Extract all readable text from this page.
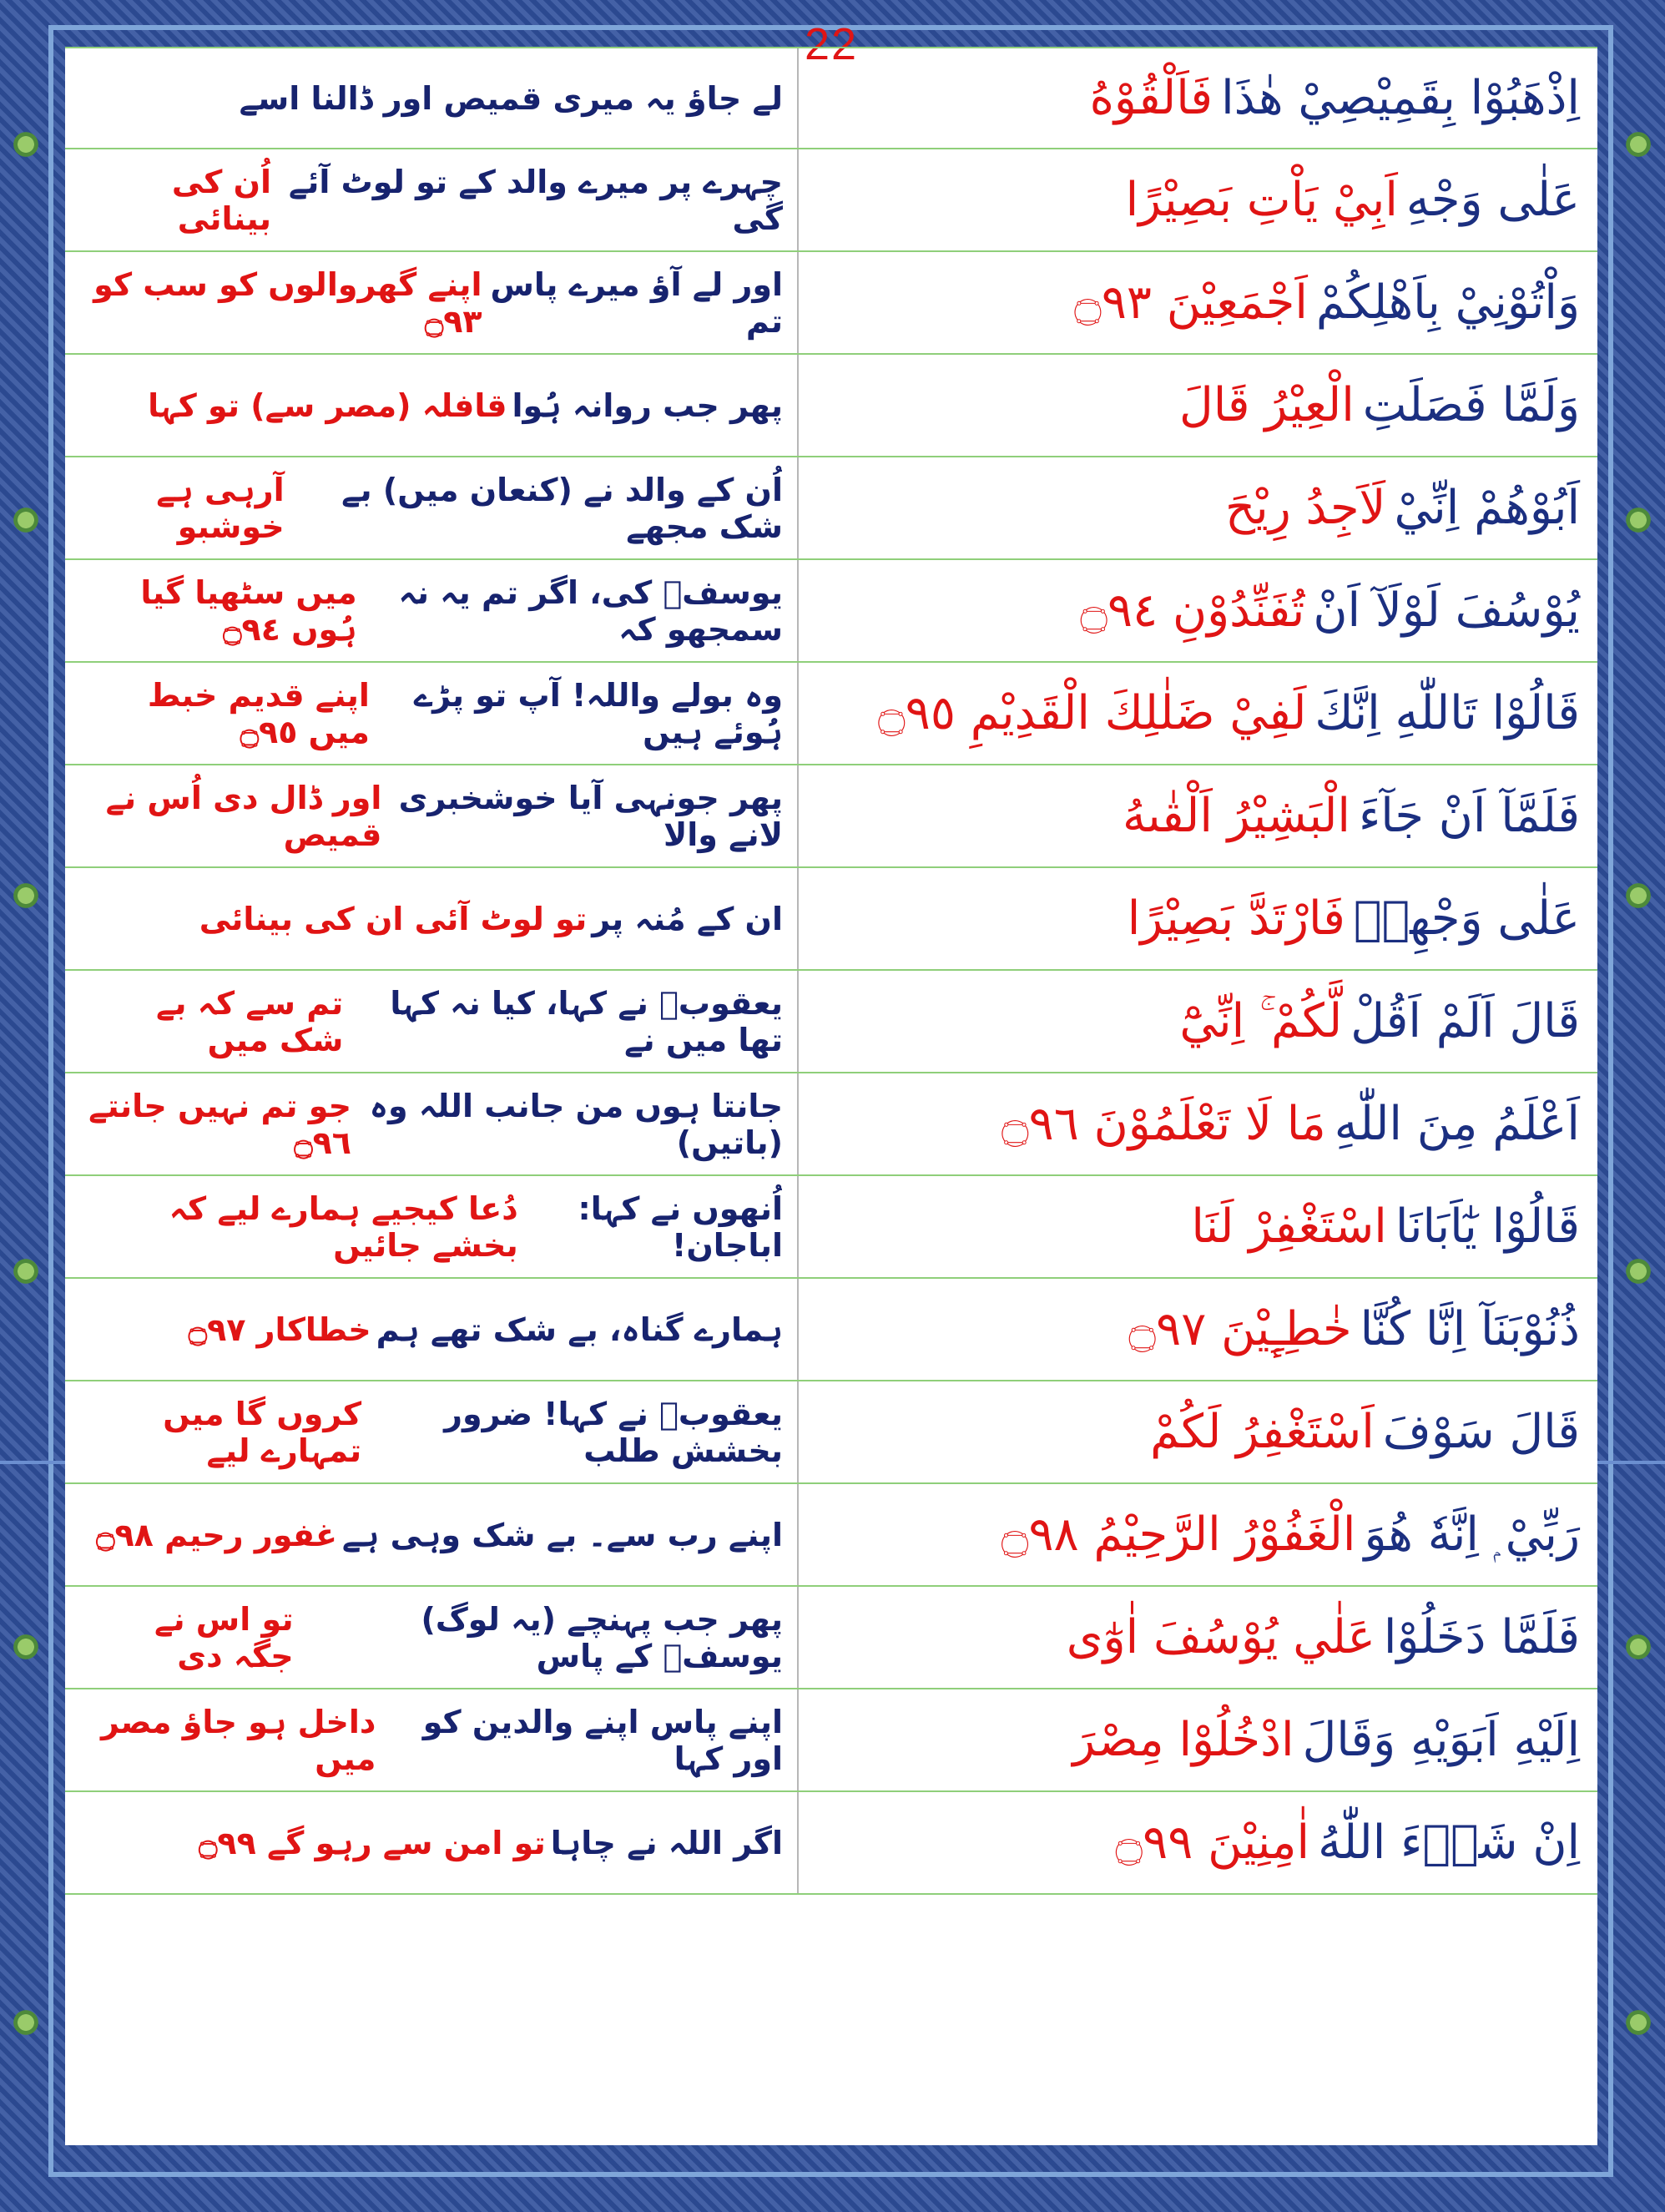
22
اِذْهَبُوْا بِقَمِيْصِيْ هٰذَا
فَاَلْقُوْهُ
لے جاؤ یہ میری قمیص اور ڈالنا اسے
عَلٰى وَجْهِ
اَبِيْ يَاْتِ بَصِيْرًا
چہرے پر میرے والد کے تو لوٹ آئے گی
اُن کی بینائی
وَاْتُوْنِيْ بِاَهْلِكُمْ
اَجْمَعِيْنَ ۝٩٣
اور لے آؤ میرے پاس تم
اپنے گھروالوں کو سب کو ۝٩٣
وَلَمَّا فَصَلَتِ
الْعِيْرُ قَالَ
پھر جب روانہ ہُوا
قافلہ (مصر سے) تو کہا
اَبُوْهُمْ اِنِّيْ
لَاَجِدُ رِيْحَ
اُن کے والد نے (کنعان میں) بے شک مجھے
آرہی ہے خوشبو
يُوْسُفَ لَوْلَآ اَنْ
تُفَنِّدُوْنِ ۝٩٤
یوسفؑ کی، اگر تم یہ نہ سمجھو کہ
میں سٹھیا گیا ہُوں ۝٩٤
قَالُوْا تَاللّٰهِ اِنَّكَ
لَفِيْ ضَلٰلِكَ الْقَدِيْمِ ۝٩٥
وہ بولے واللہ! آپ تو پڑے ہُوئے ہیں
اپنے قدیم خبط میں ۝٩٥
فَلَمَّآ اَنْ جَآءَ
الْبَشِيْرُ اَلْقٰىهُ
پھر جونہی آیا خوشخبری لانے والا
اور ڈال دی اُس نے قمیص
عَلٰى وَجْهِهٖ
فَارْتَدَّ بَصِيْرًا
ان کے مُنہ پر
تو لوٹ آئی ان کی بینائی
قَالَ اَلَمْ اَقُلْ
لَّكُمْ ۚ اِنِّيْٓ
یعقوبؑ نے کہا، کیا نہ کہا تھا میں نے
تم سے کہ بے شک میں
اَعْلَمُ مِنَ اللّٰهِ
مَا لَا تَعْلَمُوْنَ ۝٩٦
جانتا ہوں من جانب اللہ وہ (باتیں)
جو تم نہیں جانتے ۝٩٦
قَالُوْا يٰٓاَبَانَا
اسْتَغْفِرْ لَنَا
اُنھوں نے کہا: اباجان!
دُعا کیجیے ہمارے لیے کہ بخشے جائیں
ذُنُوْبَنَآ اِنَّا كُنَّا
خٰطِـِٕيْنَ ۝٩٧
ہمارے گناہ، بے شک تھے ہم
خطاکار ۝٩٧
قَالَ سَوْفَ
اَسْتَغْفِرُ لَكُمْ
یعقوبؑ نے کہا! ضرور بخشش طلب
کروں گا میں تمہارے لیے
رَبِّيْ ۭ اِنَّهٗ هُوَ
الْغَفُوْرُ الرَّحِيْمُ ۝٩٨
اپنے رب سے۔ بے شک وہی ہے
غفور رحیم ۝٩٨
فَلَمَّا دَخَلُوْا
عَلٰي يُوْسُفَ اٰوٰٓى
پھر جب پہنچے (یہ لوگ) یوسفؑ کے پاس
تو اس نے جگہ دی
اِلَيْهِ اَبَوَيْهِ وَقَالَ
ادْخُلُوْا مِصْرَ
اپنے پاس اپنے والدین کو اور کہا
داخل ہو جاؤ مصر میں
اِنْ شَاۗءَ اللّٰهُ
اٰمِنِيْنَ ۝٩٩
اگر اللہ نے چاہا
تو امن سے رہو گے ۝٩٩
